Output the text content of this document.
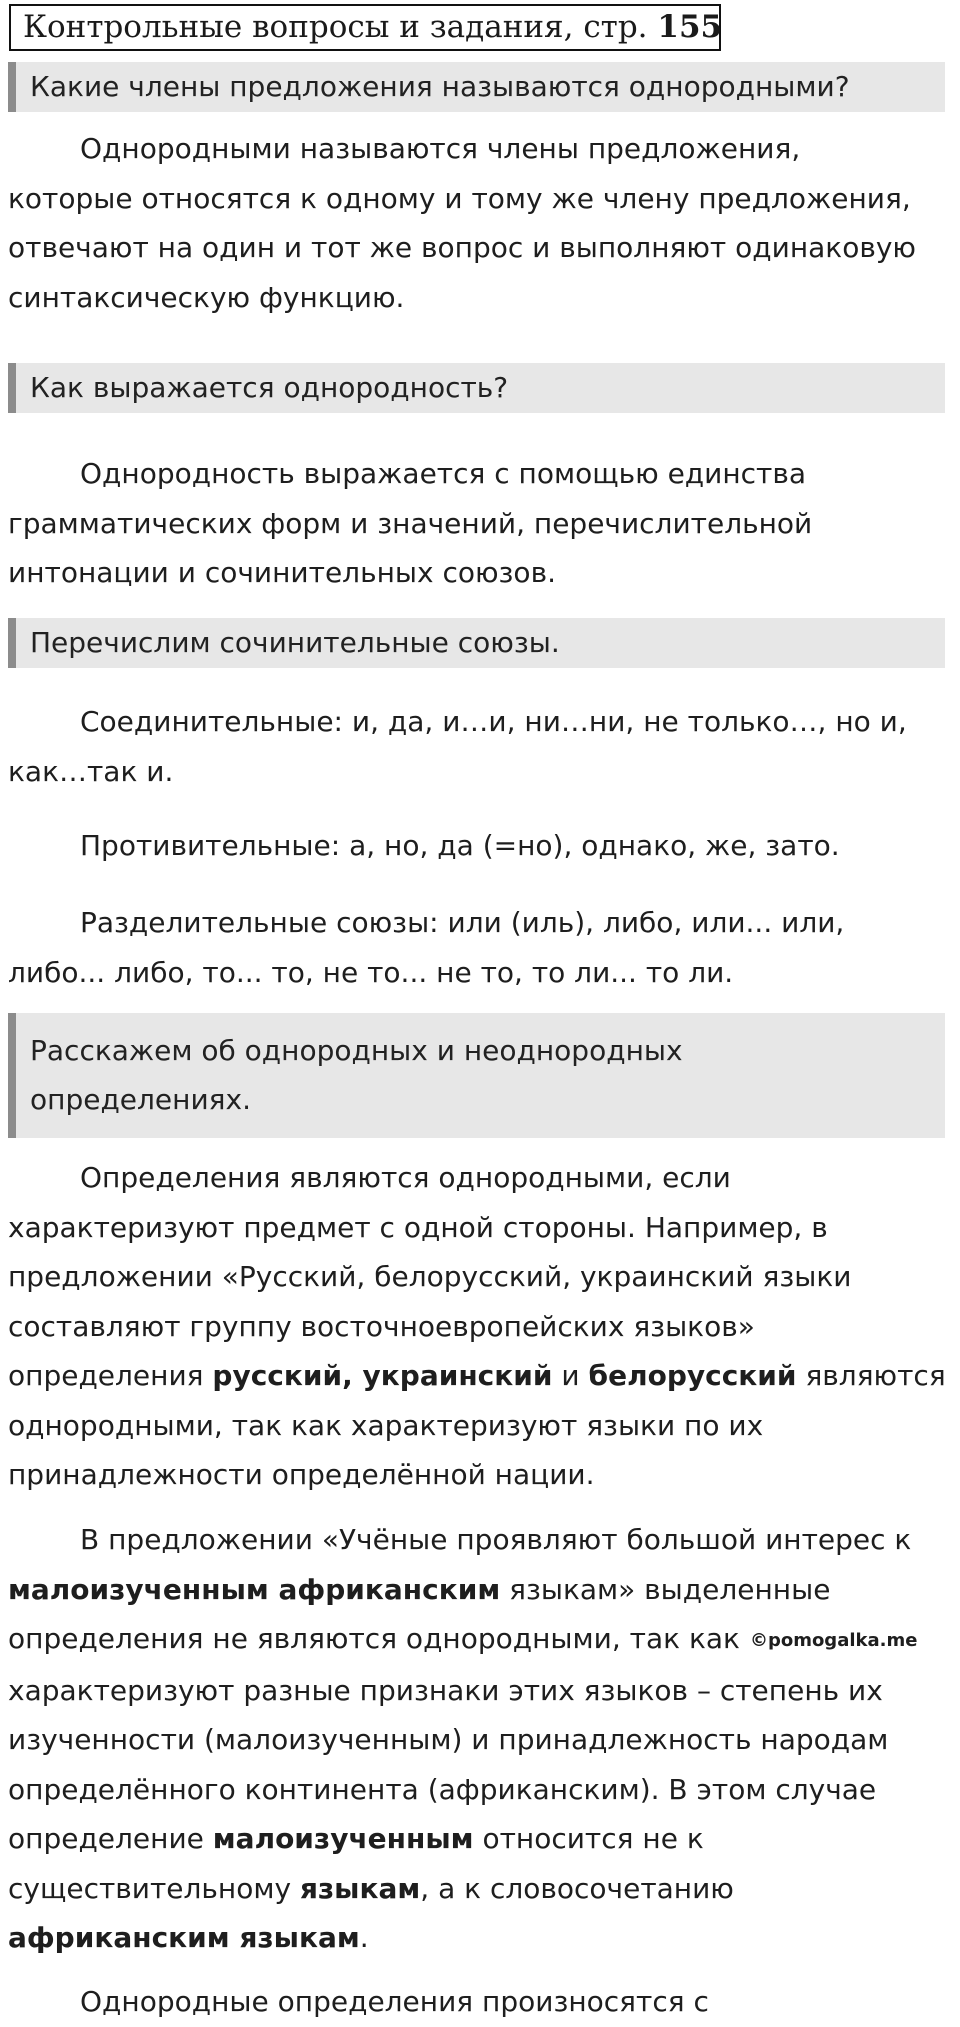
Контрольные вопросы и задания, стр. 155
Какие члены предложения называются однородными?
Однородными называются члены предложения,
которые относятся к одному и тому же члену предложения,
отвечают на один и тот же вопрос и выполняют одинаковую
синтаксическую функцию.
Как выражается однородность?
Однородность выражается с помощью единства
грамматических форм и значений, перечислительной
интонации и сочинительных союзов.
Перечислим сочинительные союзы.
Соединительные: и, да, и…и, ни…ни, не только…, но и,
как…так и.
Противительные: а, но, да (=но), однако, же, зато.
Разделительные союзы: или (иль), либо, или... или,
либо... либо, то... то, не то... не то, то ли... то ли.
Расскажем об однородных и неоднородных
определениях.
Определения являются однородными, если
характеризуют предмет с одной стороны. Например, в
предложении «Русский, белорусский, украинский языки
составляют группу восточноевропейских языков»
определения русский, украинский и белорусский являются
однородными, так как характеризуют языки по их
принадлежности определённой нации.
В предложении «Учёные проявляют большой интерес к
малоизученным африканским языкам» выделенные
определения не являются однородными, так как ©pomogalka.me
характеризуют разные признаки этих языков – степень их
изученности (малоизученным) и принадлежность народам
определённого континента (африканским). В этом случае
определение малоизученным относится не к
существительному языкам, а к словосочетанию
африканским языкам.
Однородные определения произносятся с
